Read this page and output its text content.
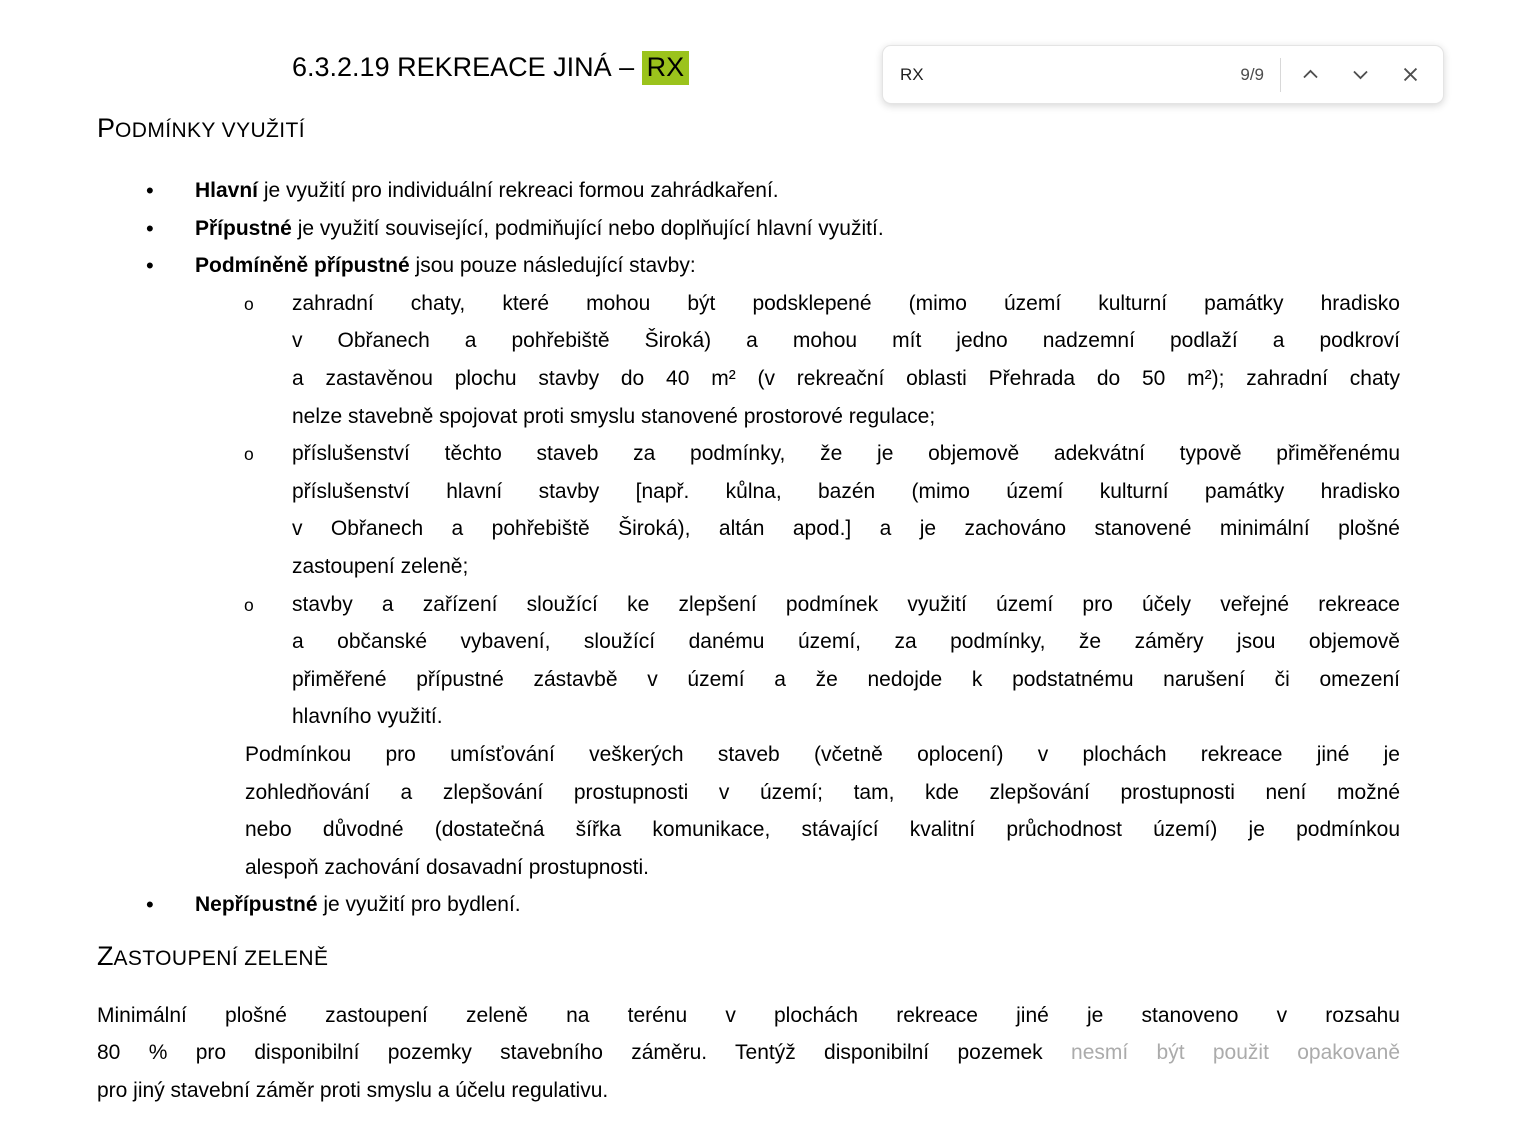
6.3.2.19 REKREACE JINÁ – RX
PODMÍNKY VYUŽITÍ
• Hlavní je využití pro individuální rekreaci formou zahrádkaření.
• Přípustné je využití související, podmiňující nebo doplňující hlavní využití.
• Podmíněně přípustné jsou pouze následující stavby:
o zahradní chaty, které mohou být podsklepené (mimo území kulturní památky hradisko
v Obřanech a pohřebiště Široká) a mohou mít jedno nadzemní podlaží a podkroví
a zastavěnou plochu stavby do 40 m² (v rekreační oblasti Přehrada do 50 m²); zahradní chaty
nelze stavebně spojovat proti smyslu stanovené prostorové regulace;
o příslušenství těchto staveb za podmínky, že je objemově adekvátní typově přiměřenému
příslušenství hlavní stavby [např. kůlna, bazén (mimo území kulturní památky hradisko
v Obřanech a pohřebiště Široká), altán apod.] a je zachováno stanovené minimální plošné
zastoupení zeleně;
o stavby a zařízení sloužící ke zlepšení podmínek využití území pro účely veřejné rekreace
a občanské vybavení, sloužící danému území, za podmínky, že záměry jsou objemově
přiměřené přípustné zástavbě v území a že nedojde k podstatnému narušení či omezení
hlavního využití.
Podmínkou pro umísťování veškerých staveb (včetně oplocení) v plochách rekreace jiné je
zohledňování a zlepšování prostupnosti v území; tam, kde zlepšování prostupnosti není možné
nebo důvodné (dostatečná šířka komunikace, stávající kvalitní průchodnost území) je podmínkou
alespoň zachování dosavadní prostupnosti.
• Nepřípustné je využití pro bydlení.
ZASTOUPENÍ ZELENĚ
Minimální plošné zastoupení zeleně na terénu v plochách rekreace jiné je stanoveno v rozsahu
80 % pro disponibilní pozemky stavebního záměru. Tentýž disponibilní pozemek nesmí být použit opakovaně
pro jiný stavební záměr proti smyslu a účelu regulativu.
RX
9/9
